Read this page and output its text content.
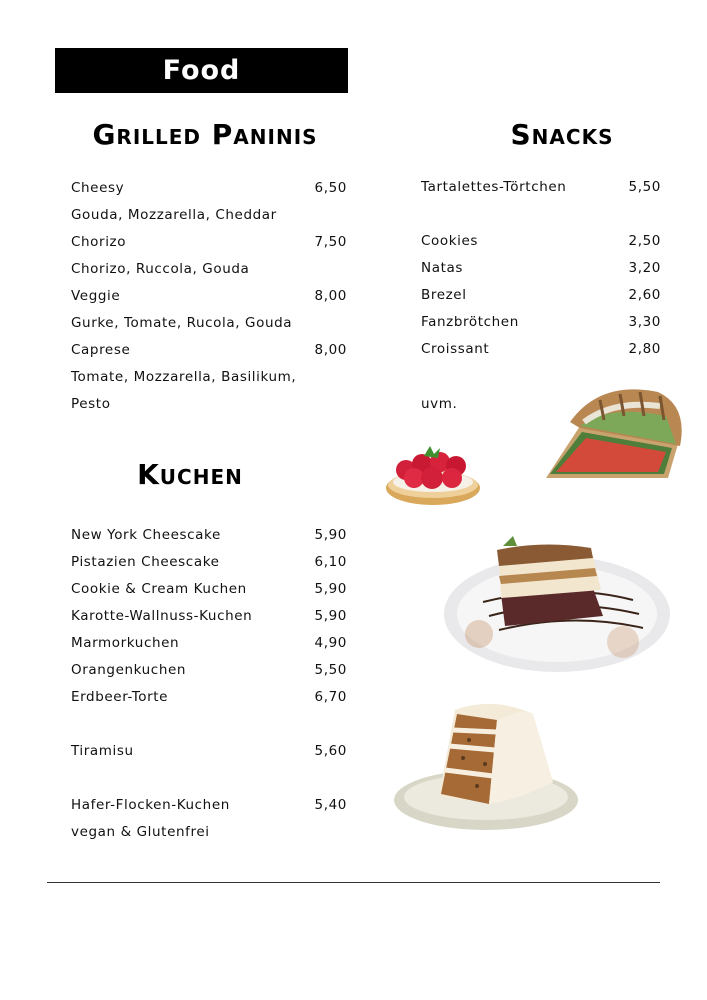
Food
Grilled Paninis	Snacks
Kuchen
Cheesy	6,50
Gouda, Mozzarella, Cheddar
Chorizo	7,50
Chorizo, Ruccola, Gouda
Veggie	8,00
Gurke, Tomate, Rucola, Gouda
Caprese	8,00
Tomate, Mozzarella, Basilikum,
Pesto
Tartalettes-Törtchen	5,50
Cookies	2,50
Natas	3,20
Brezel	2,60
Fanzbrötchen	3,30
Croissant	2,80
uvm.
New York Cheescake	5,90
Pistazien Cheescake	6,10
Cookie & Cream Kuchen	5,90
Karotte-Wallnuss-Kuchen	5,90
Marmorkuchen	4,90
Orangenkuchen	5,50
Erdbeer-Torte	6,70
Tiramisu	5,60
Hafer-Flocken-Kuchen	5,40
vegan & Glutenfrei
